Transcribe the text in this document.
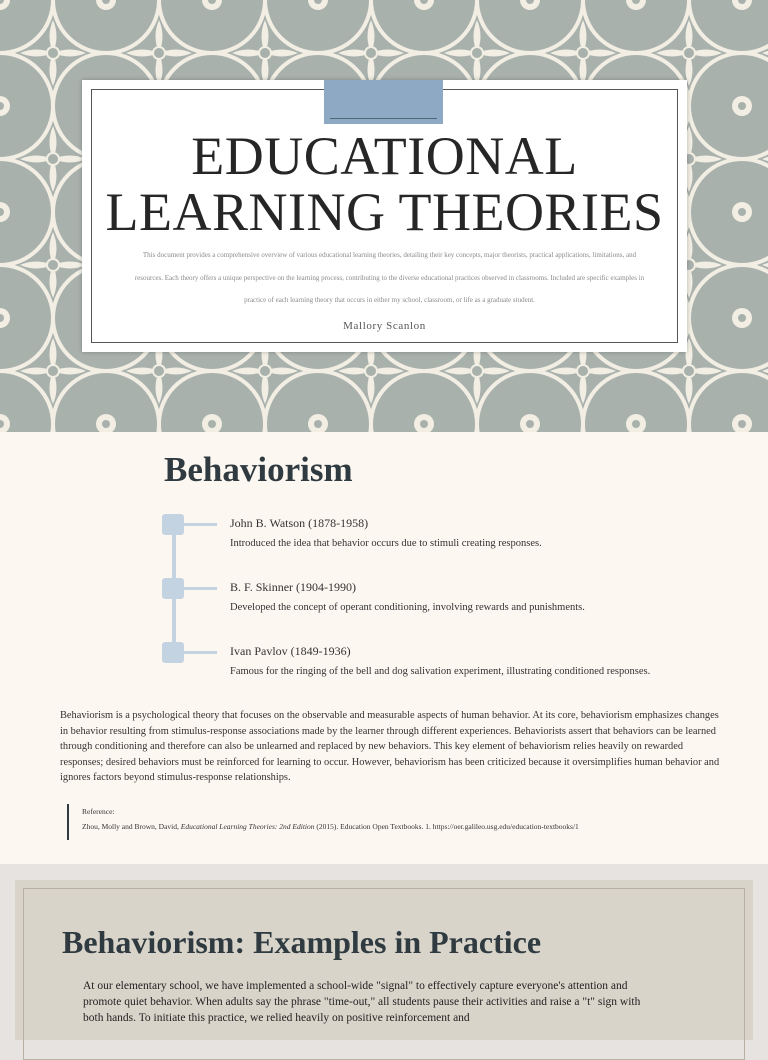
EDUCATIONAL LEARNING THEORIES

This document provides a comprehensive overview of various educational learning theories, detailing their key concepts, major theorists, practical applications, limitations, and resources. Each theory offers a unique perspective on the learning process, contributing to the diverse educational practices observed in classrooms. Included are specific examples in practice of each learning theory that occurs in either my school, classroom, or life as a graduate student.

Mallory Scanlon
Behaviorism
John B. Watson (1878-1958)
Introduced the idea that behavior occurs due to stimuli creating responses.
B. F. Skinner (1904-1990)
Developed the concept of operant conditioning, involving rewards and punishments.
Ivan Pavlov (1849-1936)
Famous for the ringing of the bell and dog salivation experiment, illustrating conditioned responses.

Behaviorism is a psychological theory that focuses on the observable and measurable aspects of human behavior. At its core, behaviorism emphasizes changes in behavior resulting from stimulus-response associations made by the learner through different experiences. Behaviorists assert that behaviors can be learned through conditioning and therefore can also be unlearned and replaced by new behaviors. This key element of behaviorism relies heavily on rewarded responses; desired behaviors must be reinforced for learning to occur. However, behaviorism has been criticized because it oversimplifies human behavior and ignores factors beyond stimulus-response relationships.

Reference:
Zhou, Molly and Brown, David, Educational Learning Theories: 2nd Edition (2015). Education Open Textbooks. 1. https://oer.galileo.usg.edu/education-textbooks/1
Behaviorism: Examples in Practice

At our elementary school, we have implemented a school-wide "signal" to effectively capture everyone's attention and promote quiet behavior. When adults say the phrase "time-out," all students pause their activities and raise a "t" sign with both hands. To initiate this practice, we relied heavily on positive reinforcement and
